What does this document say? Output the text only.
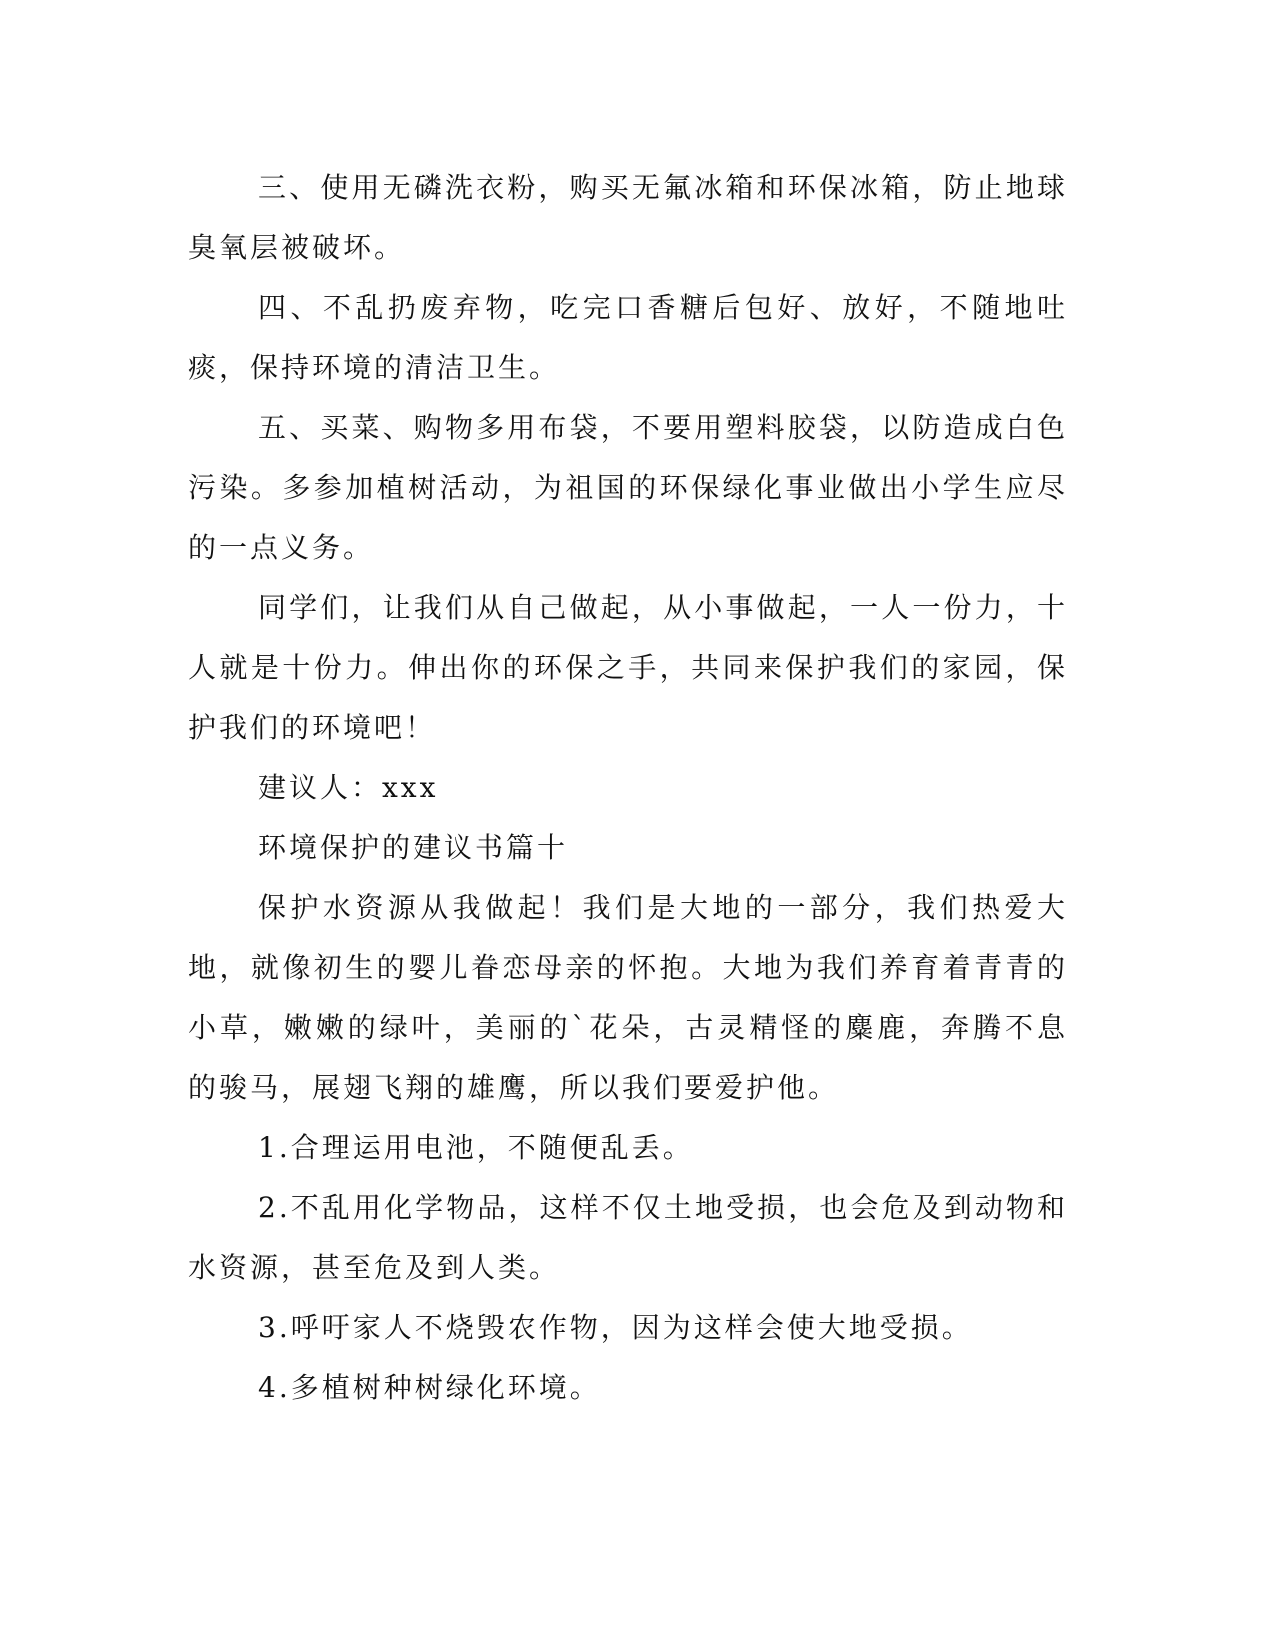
三、使用无磷洗衣粉，购买无氟冰箱和环保冰箱，防止地球臭氧层被破坏。

四、不乱扔废弃物，吃完口香糖后包好、放好，不随地吐痰，保持环境的清洁卫生。

五、买菜、购物多用布袋，不要用塑料胶袋，以防造成白色污染。多参加植树活动，为祖国的环保绿化事业做出小学生应尽的一点义务。

同学们，让我们从自己做起，从小事做起，一人一份力，十人就是十份力。伸出你的环保之手，共同来保护我们的家园，保护我们的环境吧！

建议人：xxx

环境保护的建议书篇十

保护水资源从我做起！我们是大地的一部分，我们热爱大地，就像初生的婴儿眷恋母亲的怀抱。大地为我们养育着青青的小草，嫩嫩的绿叶，美丽的`花朵，古灵精怪的麋鹿，奔腾不息的骏马，展翅飞翔的雄鹰，所以我们要爱护他。

1.合理运用电池，不随便乱丢。

2.不乱用化学物品，这样不仅土地受损，也会危及到动物和水资源，甚至危及到人类。

3.呼吁家人不烧毁农作物，因为这样会使大地受损。

4.多植树种树绿化环境。
